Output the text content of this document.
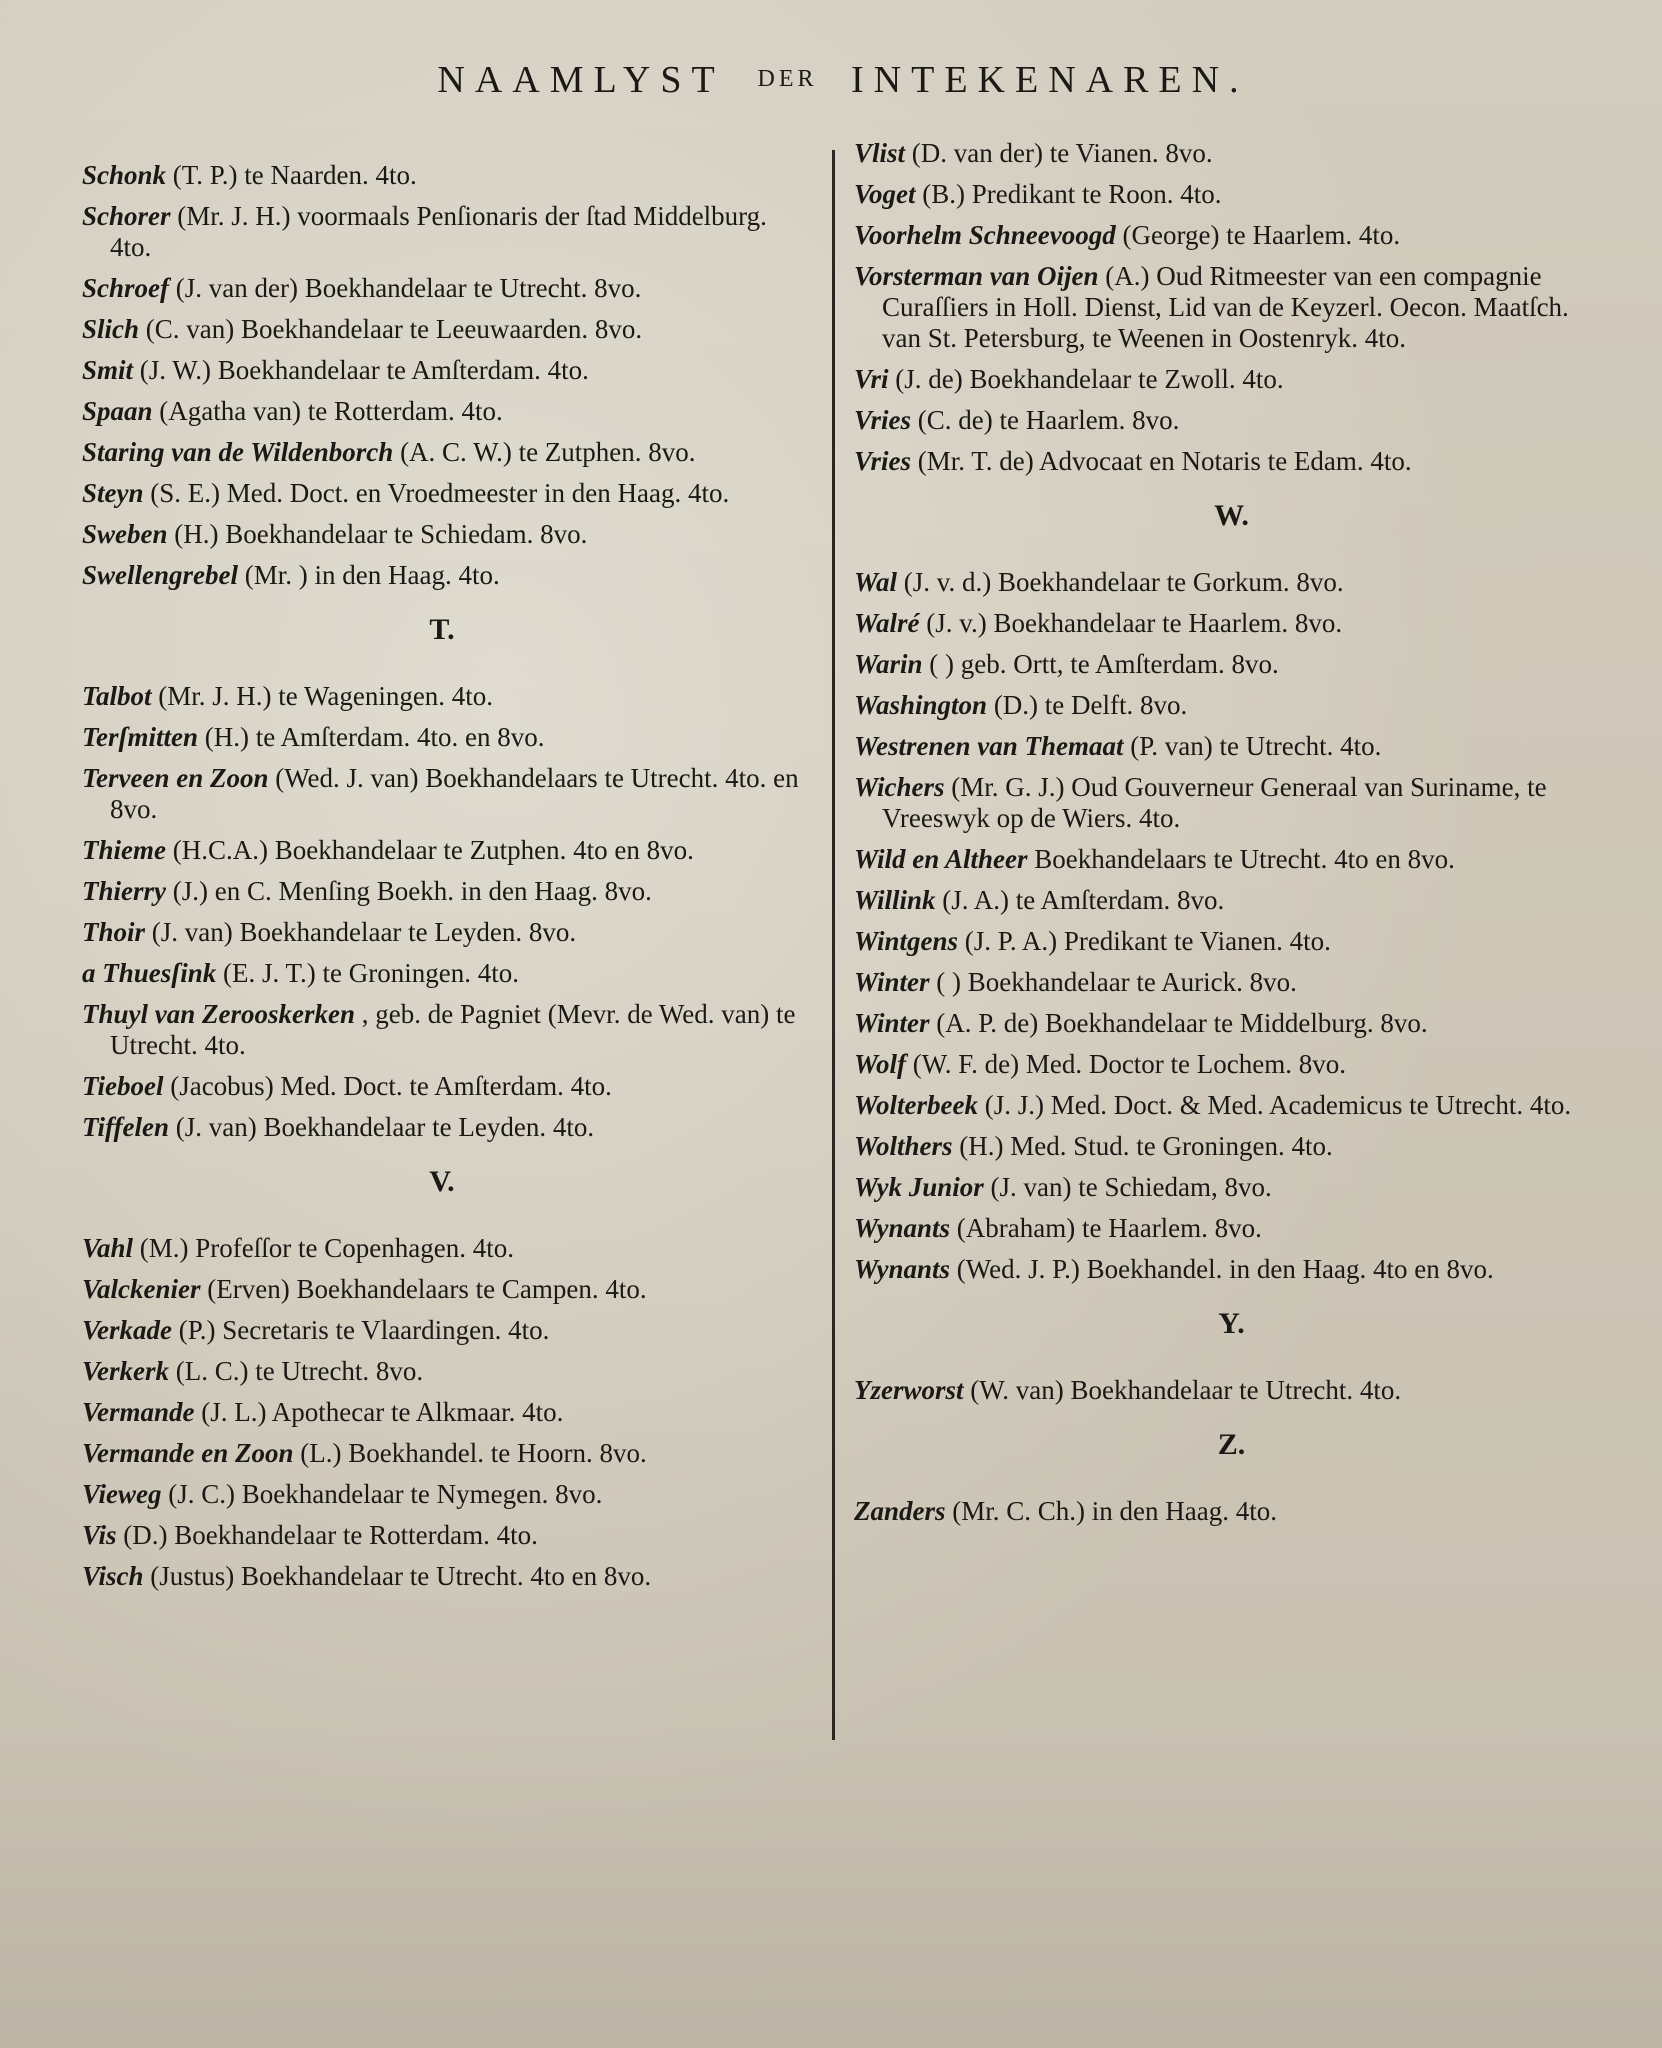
NAAMLYST DER INTEKENAREN.

Schonk (T. P.) te Naarden. 4to.

Schorer (Mr. J. H.) voormaals Penſionaris der ſtad Middelburg. 4to.

Schroef (J. van der) Boekhandelaar te Utrecht. 8vo.

Slich (C. van) Boekhandelaar te Leeuwaarden. 8vo.

Smit (J. W.) Boekhandelaar te Amſterdam. 4to.

Spaan (Agatha van) te Rotterdam. 4to.

Staring van de Wildenborch (A. C. W.) te Zutphen. 8vo.

Steyn (S. E.) Med. Doct. en Vroedmeester in den Haag. 4to.

Sweben (H.) Boekhandelaar te Schiedam. 8vo.

Swellengrebel (Mr. ) in den Haag. 4to.

T.

Talbot (Mr. J. H.) te Wageningen. 4to.

Terſmitten (H.) te Amſterdam. 4to. en 8vo.

Terveen en Zoon (Wed. J. van) Boekhandelaars te Utrecht. 4to. en 8vo.

Thieme (H.C.A.) Boekhandelaar te Zutphen. 4to en 8vo.

Thierry (J.) en C. Menſing Boekh. in den Haag. 8vo.

Thoir (J. van) Boekhandelaar te Leyden. 8vo.

a Thuesſink (E. J. T.) te Groningen. 4to.

Thuyl van Zerooskerken , geb. de Pagniet (Mevr. de Wed. van) te Utrecht. 4to.

Tieboel (Jacobus) Med. Doct. te Amſterdam. 4to.

Tiffelen (J. van) Boekhandelaar te Leyden. 4to.

V.

Vahl (M.) Profeſſor te Copenhagen. 4to.

Valckenier (Erven) Boekhandelaars te Campen. 4to.

Verkade (P.) Secretaris te Vlaardingen. 4to.

Verkerk (L. C.) te Utrecht. 8vo.

Vermande (J. L.) Apothecar te Alkmaar. 4to.

Vermande en Zoon (L.) Boekhandel. te Hoorn. 8vo.

Vieweg (J. C.) Boekhandelaar te Nymegen. 8vo.

Vis (D.) Boekhandelaar te Rotterdam. 4to.

Visch (Justus) Boekhandelaar te Utrecht. 4to en 8vo.

Vlist (D. van der) te Vianen. 8vo.

Voget (B.) Predikant te Roon. 4to.

Voorhelm Schneevoogd (George) te Haarlem. 4to.

Vorsterman van Oijen (A.) Oud Ritmeester van een compagnie Curaſſiers in Holl. Dienst, Lid van de Keyzerl. Oecon. Maatſch. van St. Petersburg, te Weenen in Oostenryk. 4to.

Vri (J. de) Boekhandelaar te Zwoll. 4to.

Vries (C. de) te Haarlem. 8vo.

Vries (Mr. T. de) Advocaat en Notaris te Edam. 4to.

W.

Wal (J. v. d.) Boekhandelaar te Gorkum. 8vo.

Walré (J. v.) Boekhandelaar te Haarlem. 8vo.

Warin ( ) geb. Ortt, te Amſterdam. 8vo.

Washington (D.) te Delft. 8vo.

Westrenen van Themaat (P. van) te Utrecht. 4to.

Wichers (Mr. G. J.) Oud Gouverneur Generaal van Suriname, te Vreeswyk op de Wiers. 4to.

Wild en Altheer Boekhandelaars te Utrecht. 4to en 8vo.

Willink (J. A.) te Amſterdam. 8vo.

Wintgens (J. P. A.) Predikant te Vianen. 4to.

Winter ( ) Boekhandelaar te Aurick. 8vo.

Winter (A. P. de) Boekhandelaar te Middelburg. 8vo.

Wolf (W. F. de) Med. Doctor te Lochem. 8vo.

Wolterbeek (J. J.) Med. Doct. & Med. Academicus te Utrecht. 4to.

Wolthers (H.) Med. Stud. te Groningen. 4to.

Wyk Junior (J. van) te Schiedam, 8vo.

Wynants (Abraham) te Haarlem. 8vo.

Wynants (Wed. J. P.) Boekhandel. in den Haag. 4to en 8vo.

Y.

Yzerworst (W. van) Boekhandelaar te Utrecht. 4to.

Z.

Zanders (Mr. C. Ch.) in den Haag. 4to.
